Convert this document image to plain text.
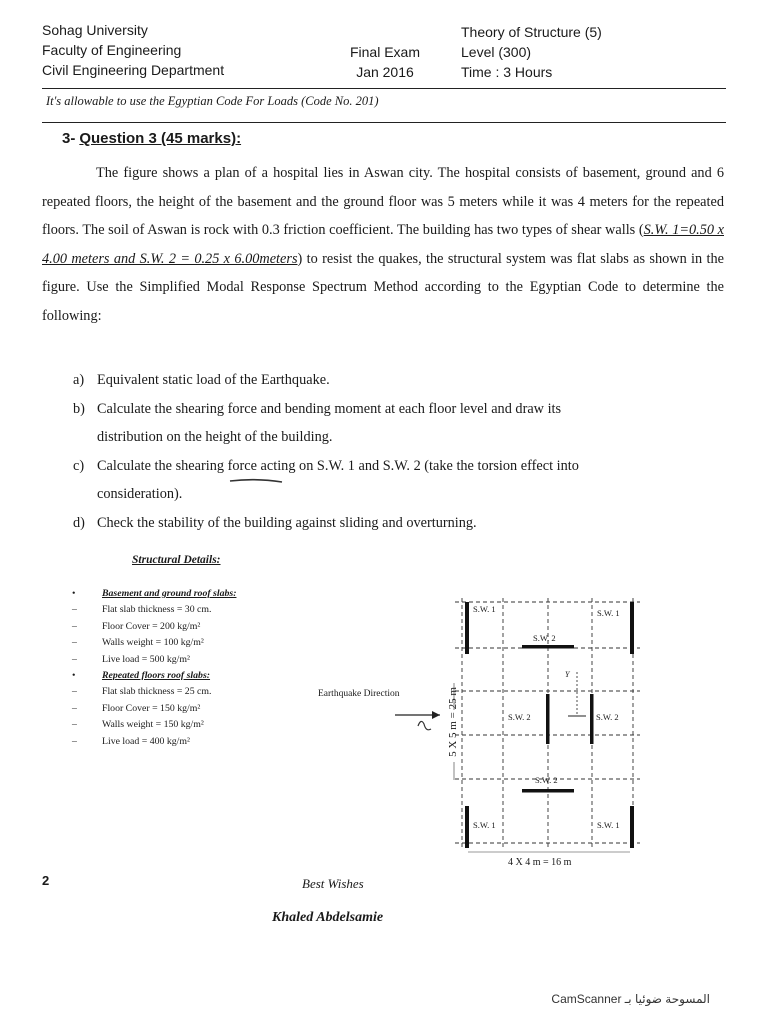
Sohag University
Faculty of Engineering
Civil Engineering Department
Final Exam
Jan 2016
Theory of Structure (5)
Level (300)
Time : 3 Hours
It's allowable to use the Egyptian Code For Loads (Code No. 201)
3- Question 3 (45 marks):
The figure shows a plan of a hospital lies in Aswan city. The hospital consists of basement, ground and 6 repeated floors, the height of the basement and the ground floor was 5 meters while it was 4 meters for the repeated floors. The soil of Aswan is rock with 0.3 friction coefficient. The building has two types of shear walls (S.W. 1=0.50 x 4.00 meters and S.W. 2 = 0.25 x 6.00meters) to resist the quakes, the structural system was flat slabs as shown in the figure. Use the Simplified Modal Response Spectrum Method according to the Egyptian Code to determine the following:
a) Equivalent static load of the Earthquake.
b) Calculate the shearing force and bending moment at each floor level and draw its
distribution on the height of the building.
c) Calculate the shearing force acting on S.W. 1 and S.W. 2 (take the torsion effect into
consideration).
d) Check the stability of the building against sliding and overturning.
Structural Details:
•	Basement and ground roof slabs:
–	Flat slab thickness = 30 cm.
–	Floor Cover = 200 kg/m²
–	Walls weight = 100 kg/m²
–	Live load = 500 kg/m²
•	Repeated floors roof slabs:
–	Flat slab thickness = 25 cm.
–	Floor Cover = 150 kg/m²
–	Walls weight = 150 kg/m²
–	Live load = 400 kg/m²
Earthquake Direction	5 X 5 m = 25 m
4 X 4 m = 16 m
S.W. 1	S.W. 1
S.W. 1	S.W. 1
S.W. 2
S.W. 2	S.W. 2
S.W. 2
Y
2	Best Wishes
Khaled Abdelsamie
CamScanner المسوحة ضوئيا بـ
